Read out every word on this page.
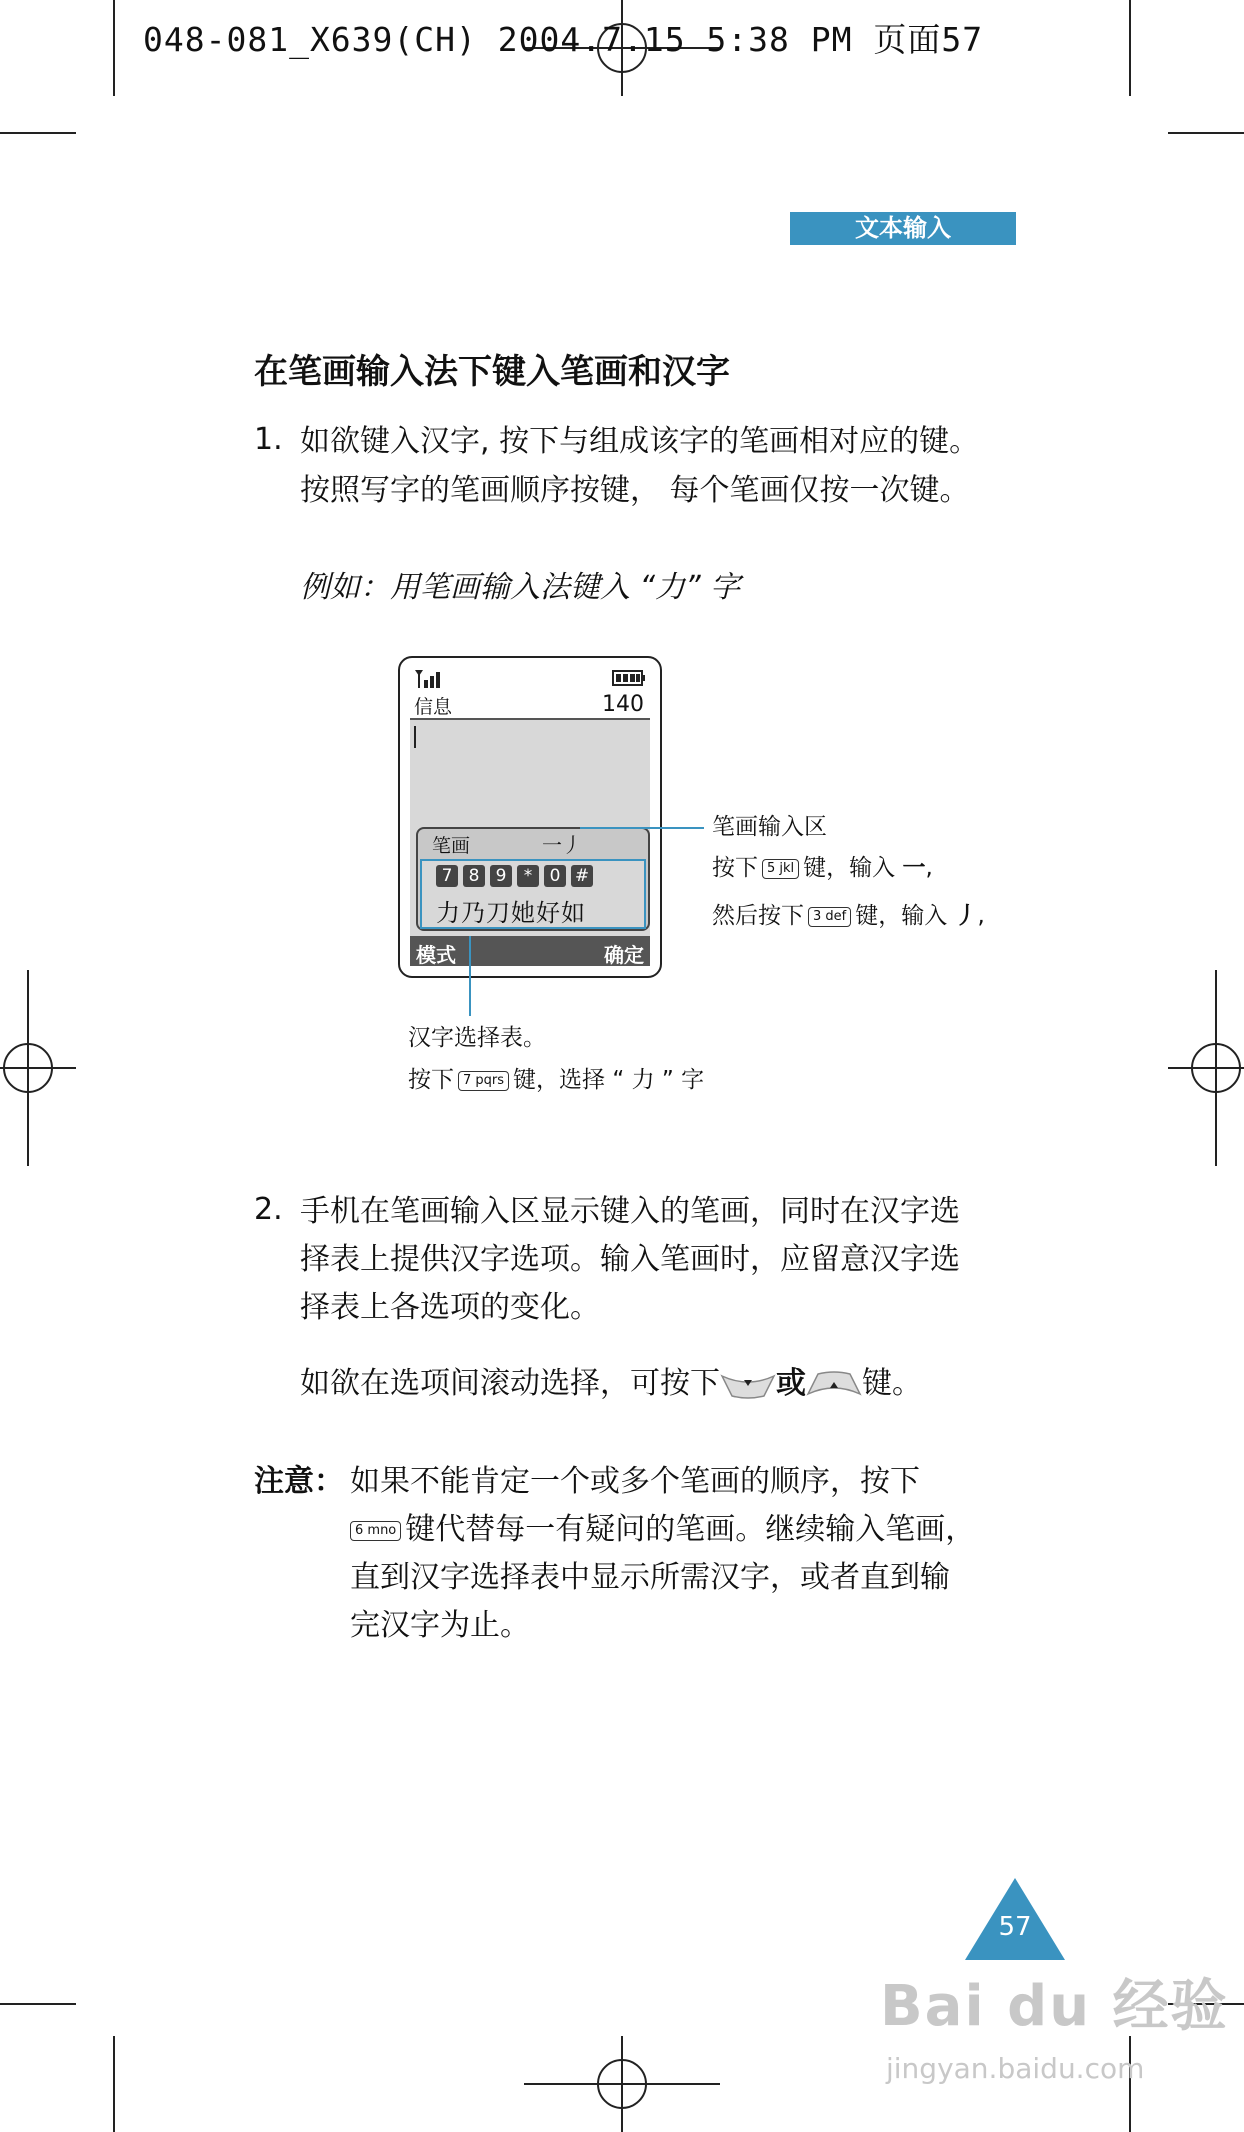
048-081_X639(CH) 2004.7.15 5:38 PM 页面57
文本输入
在笔画输入法下键入笔画和汉字
1. 如欲键入汉字, 按下与组成该字的笔画相对应的键。
按照写字的笔画顺序按键， 每个笔画仅按一次键。
例如：用笔画输入法键入 “力” 字
信息	140
笔画	一丿
7 8 9 * 0 #
力乃刀她好如
模式	确定
笔画输入区
按下 5 jkl 键，输入 一,
然后按下 3 def 键，输入 丿,
汉字选择表。
按下 7 pqrs 键，选择 “ 力 ” 字
2. 手机在笔画输入区显示键入的笔画，同时在汉字选
择表上提供汉字选项。输入笔画时，应留意汉字选
择表上各选项的变化。
如欲在选项间滚动选择，可按下 或 键。
注意： 如果不能肯定一个或多个笔画的顺序，按下
6 mno 键代替每一有疑问的笔画。继续输入笔画，
直到汉字选择表中显示所需汉字，或者直到输
完汉字为止。
57
Bai du 经验
jingyan.baidu.com
